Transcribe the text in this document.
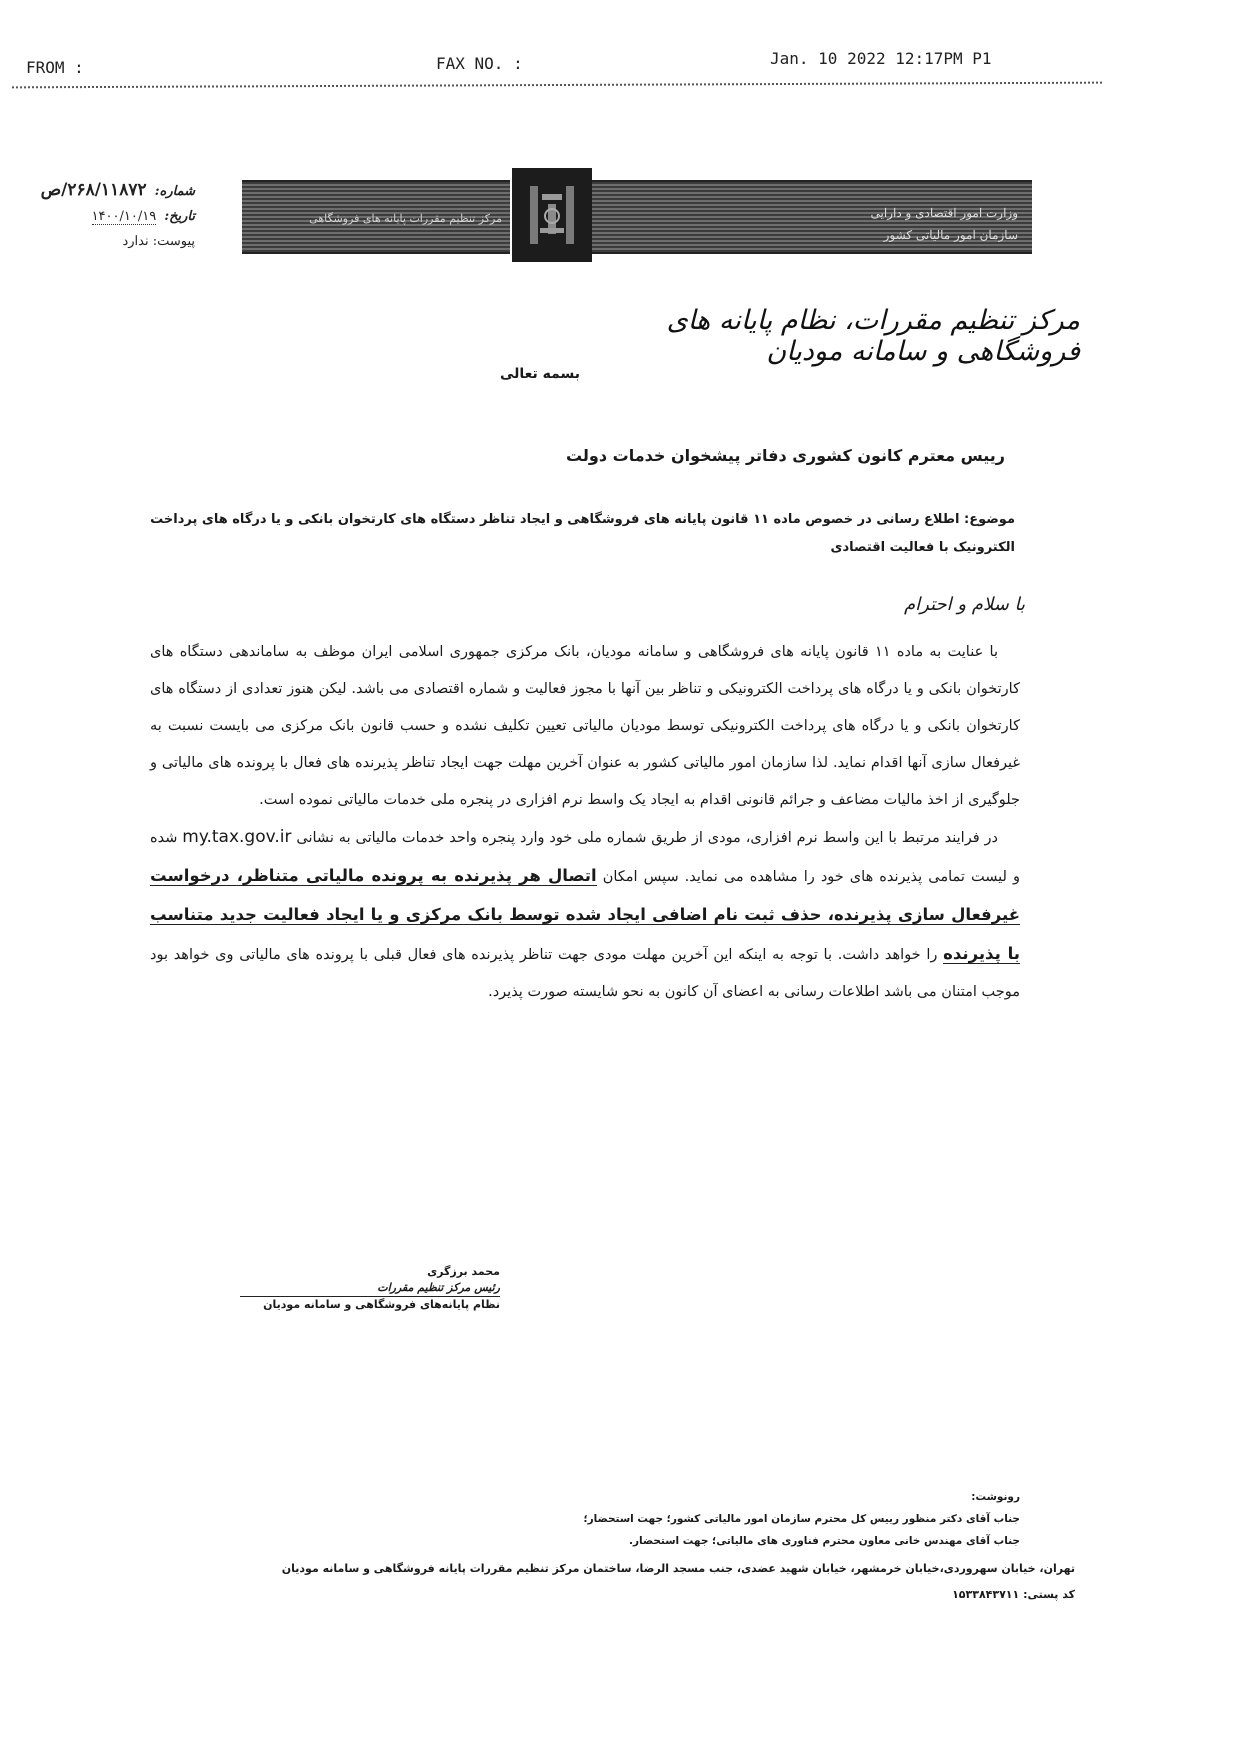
FROM :	FAX NO. :	Jan. 10 2022 12:17PM P1
شماره: ۲۶۸/۱۱۸۷۲/ص
تاریخ: ۱۴۰۰/۱۰/۱۹
پیوست: ندارد
مرکز تنظیم مقررات پایانه های فروشگاهی	وزارت امور اقتصادی و دارایی
سازمان امور مالیاتی کشور
مرکز تنظیم مقررات، نظام پایانه های فروشگاهی و سامانه مودیان
بسمه تعالی
رییس معترم کانون کشوری دفاتر پیشخوان خدمات دولت
موضوع: اطلاع رسانی در خصوص ماده ۱۱ قانون پایانه های فروشگاهی و ایجاد تناظر دستگاه های کارتخوان بانکی و یا درگاه های پرداخت الکترونیک با فعالیت اقتصادی
با سلام و احترام

با عنایت به ماده ۱۱ قانون پایانه های فروشگاهی و سامانه مودیان، بانک مرکزی جمهوری اسلامی ایران موظف به ساماندهی دستگاه های کارتخوان بانکی و یا درگاه های پرداخت الکترونیکی و تناظر بین آنها با مجوز فعالیت و شماره اقتصادی می باشد. لیکن هنوز تعدادی از دستگاه های کارتخوان بانکی و یا درگاه های پرداخت الکترونیکی توسط مودیان مالیاتی تعیین تکلیف نشده و حسب قانون بانک مرکزی می بایست نسبت به غیرفعال سازی آنها اقدام نماید. لذا سازمان امور مالیاتی کشور به عنوان آخرین مهلت جهت ایجاد تناظر پذیرنده های فعال با پرونده های مالیاتی و جلوگیری از اخذ مالیات مضاعف و جرائم قانونی اقدام به ایجاد یک واسط نرم افزاری در پنجره ملی خدمات مالیاتی نموده است.

در فرایند مرتبط با این واسط نرم افزاری، مودی از طریق شماره ملی خود وارد پنجره واحد خدمات مالیاتی به نشانی my.tax.gov.ir شده و لیست تمامی پذیرنده های خود را مشاهده می نماید. سپس امکان اتصال هر پذیرنده به پرونده مالیاتی متناظر، درخواست غیرفعال سازی پذیرنده، حذف ثبت نام اضافی ایجاد شده توسط بانک مرکزی و یا ایجاد فعالیت جدید متناسب با پذیرنده را خواهد داشت. با توجه به اینکه این آخرین مهلت مودی جهت تناظر پذیرنده های فعال قبلی با پرونده های مالیاتی وی خواهد بود موجب امتنان می باشد اطلاعات رسانی به اعضای آن کانون به نحو شایسته صورت پذیرد.

محمد برزگری
رئیس مرکز تنظیم مقررات
نظام پایانه‌های فروشگاهی و سامانه مودیان
رونوشت:
جناب آقای دکتر منظور رییس کل محترم سازمان امور مالیاتی کشور؛ جهت استحضار؛
جناب آقای مهندس خانی معاون محترم فناوری های مالیاتی؛ جهت استحضار.
تهران، خیابان سهروردی،خیابان خرمشهر، خیابان شهید عضدی، جنب مسجد الرضا، ساختمان مرکز تنظیم مقررات پایانه فروشگاهی و سامانه مودیان
کد پستی: ۱۵۳۳۸۴۳۷۱۱
